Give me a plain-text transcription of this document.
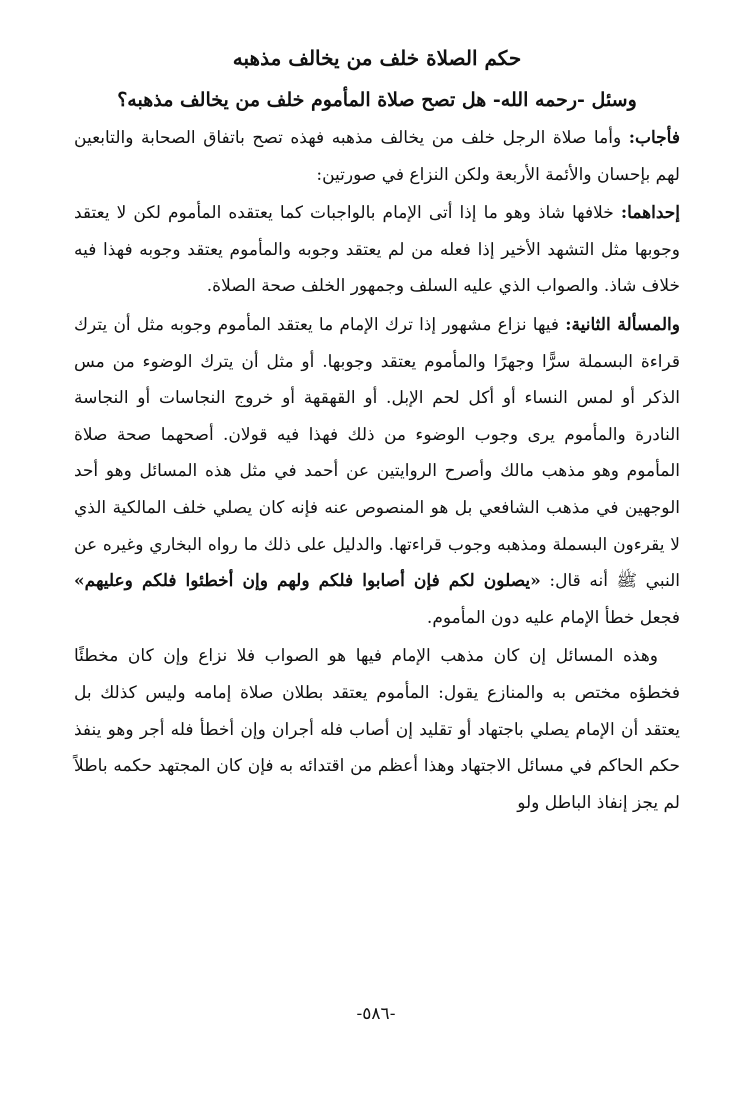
حكم الصلاة خلف من يخالف مذهبه

وسئل -رحمه الله- هل تصح صلاة المأموم خلف من يخالف مذهبه؟

فأجاب: وأما صلاة الرجل خلف من يخالف مذهبه فهذه تصح باتفاق الصحابة والتابعين لهم بإحسان والأئمة الأربعة ولكن النزاع في صورتين:

إحداهما: خلافها شاذ وهو ما إذا أتى الإمام بالواجبات كما يعتقده المأموم لكن لا يعتقد وجوبها مثل التشهد الأخير إذا فعله من لم يعتقد وجوبه والمأموم يعتقد وجوبه فهذا فيه خلاف شاذ. والصواب الذي عليه السلف وجمهور الخلف صحة الصلاة.

والمسألة الثانية: فيها نزاع مشهور إذا ترك الإمام ما يعتقد المأموم وجوبه مثل أن يترك قراءة البسملة سرًّا وجهرًا والمأموم يعتقد وجوبها. أو مثل أن يترك الوضوء من مس الذكر أو لمس النساء أو أكل لحم الإبل. أو القهقهة أو خروج النجاسات أو النجاسة النادرة والمأموم يرى وجوب الوضوء من ذلك فهذا فيه قولان. أصحهما صحة صلاة المأموم وهو مذهب مالك وأصرح الروايتين عن أحمد في مثل هذه المسائل وهو أحد الوجهين في مذهب الشافعي بل هو المنصوص عنه فإنه كان يصلي خلف المالكية الذي لا يقرءون البسملة ومذهبه وجوب قراءتها. والدليل على ذلك ما رواه البخاري وغيره عن النبي ﷺ أنه قال: «يصلون لكم فإن أصابوا فلكم ولهم وإن أخطئوا فلكم وعليهم» فجعل خطأ الإمام عليه دون المأموم.

وهذه المسائل إن كان مذهب الإمام فيها هو الصواب فلا نزاع وإن كان مخطئًا فخطؤه مختص به والمنازع يقول: المأموم يعتقد بطلان صلاة إمامه وليس كذلك بل يعتقد أن الإمام يصلي باجتهاد أو تقليد إن أصاب فله أجران وإن أخطأ فله أجر وهو ينفذ حكم الحاكم في مسائل الاجتهاد وهذا أعظم من اقتدائه به فإن كان المجتهد حكمه باطلاً لم يجز إنفاذ الباطل ولو

-٥٨٦-
